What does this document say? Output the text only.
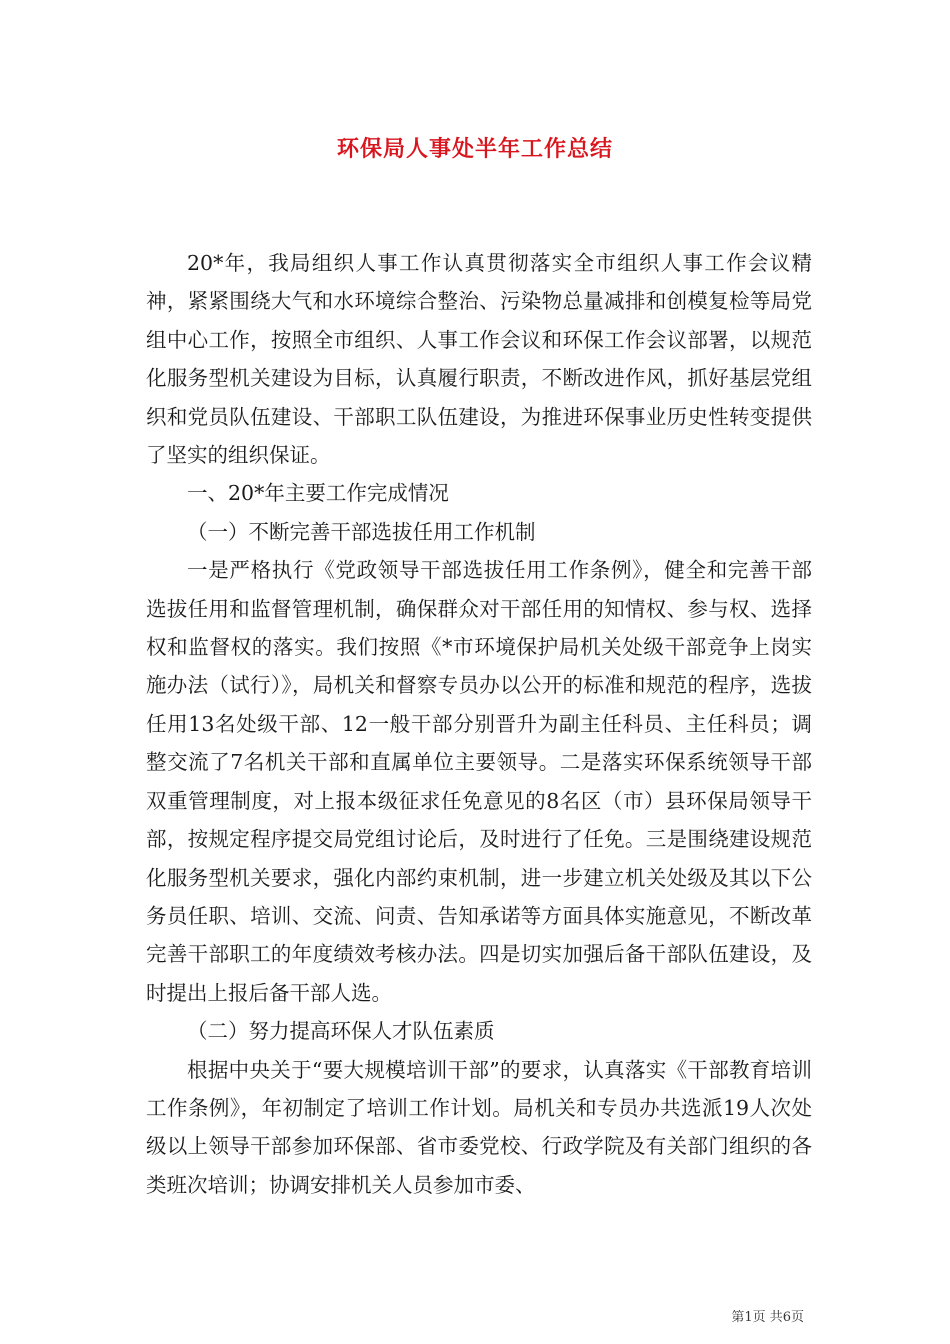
环保局人事处半年工作总结

20*年，我局组织人事工作认真贯彻落实全市组织人事工作会议精神，紧紧围绕大气和水环境综合整治、污染物总量减排和创模复检等局党组中心工作，按照全市组织、人事工作会议和环保工作会议部署，以规范化服务型机关建设为目标，认真履行职责，不断改进作风，抓好基层党组织和党员队伍建设、干部职工队伍建设，为推进环保事业历史性转变提供了坚实的组织保证。

一、20*年主要工作完成情况

（一）不断完善干部选拔任用工作机制

一是严格执行《党政领导干部选拔任用工作条例》，健全和完善干部选拔任用和监督管理机制，确保群众对干部任用的知情权、参与权、选择权和监督权的落实。我们按照《*市环境保护局机关处级干部竞争上岗实施办法（试行）》，局机关和督察专员办以公开的标准和规范的程序，选拔任用13名处级干部、12一般干部分别晋升为副主任科员、主任科员；调整交流了7名机关干部和直属单位主要领导。二是落实环保系统领导干部双重管理制度，对上报本级征求任免意见的8名区（市）县环保局领导干部，按规定程序提交局党组讨论后，及时进行了任免。三是围绕建设规范化服务型机关要求，强化内部约束机制，进一步建立机关处级及其以下公务员任职、培训、交流、问责、告知承诺等方面具体实施意见，不断改革完善干部职工的年度绩效考核办法。四是切实加强后备干部队伍建设，及时提出上报后备干部人选。

（二）努力提高环保人才队伍素质

根据中央关于“要大规模培训干部”的要求，认真落实《干部教育培训工作条例》，年初制定了培训工作计划。局机关和专员办共选派19人次处级以上领导干部参加环保部、省市委党校、行政学院及有关部门组织的各类班次培训；协调安排机关人员参加市委、

第1页 共6页
